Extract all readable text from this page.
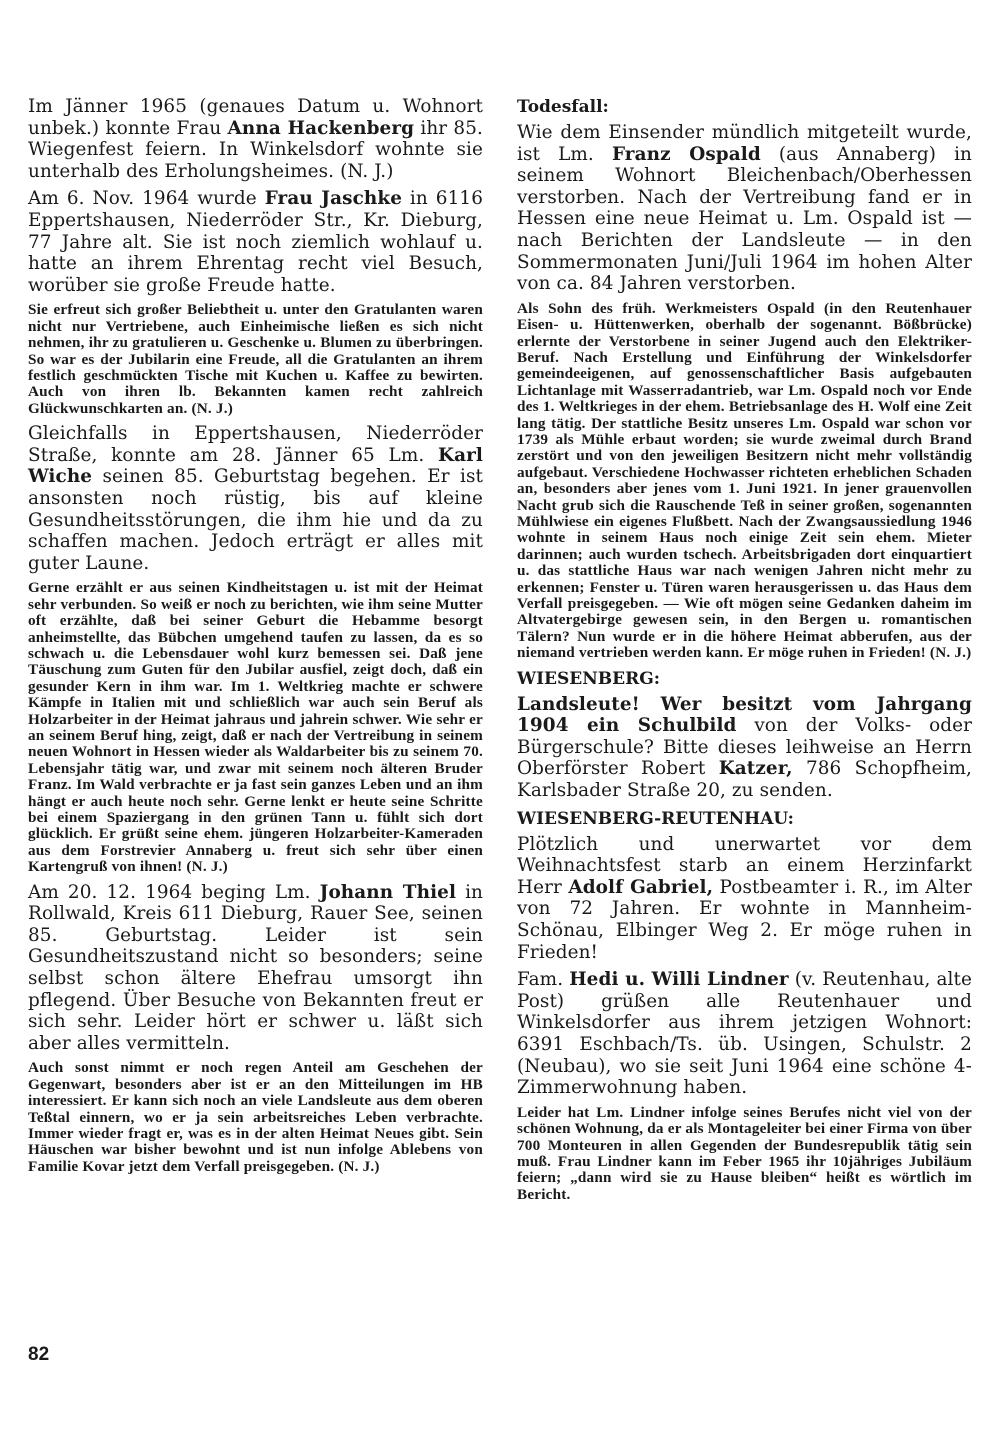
Im Jänner 1965 (genaues Datum u. Wohnort unbek.) konnte Frau Anna Hackenberg ihr 85. Wiegenfest feiern. In Winkelsdorf wohnte sie unterhalb des Erholungsheimes. (N. J.)

Am 6. Nov. 1964 wurde Frau Jaschke in 6116 Eppertshausen, Niederröder Str., Kr. Dieburg, 77 Jahre alt. Sie ist noch ziemlich wohlauf u. hatte an ihrem Ehrentag recht viel Besuch, worüber sie große Freude hatte.

Sie erfreut sich großer Beliebtheit u. unter den Gratulanten waren nicht nur Vertriebene, auch Einheimische ließen es sich nicht nehmen, ihr zu gratulieren u. Geschenke u. Blumen zu überbringen. So war es der Jubilarin eine Freude, all die Gratulanten an ihrem festlich geschmückten Tische mit Kuchen u. Kaffee zu bewirten. Auch von ihren lb. Bekannten kamen recht zahlreich Glückwunschkarten an. (N. J.)

Gleichfalls in Eppertshausen, Niederröder Straße, konnte am 28. Jänner 65 Lm. Karl Wiche seinen 85. Geburtstag begehen. Er ist ansonsten noch rüstig, bis auf kleine Gesundheitsstörungen, die ihm hie und da zu schaffen machen. Jedoch erträgt er alles mit guter Laune.

Gerne erzählt er aus seinen Kindheitstagen u. ist mit der Heimat sehr verbunden. So weiß er noch zu berichten, wie ihm seine Mutter oft erzählte, daß bei seiner Geburt die Hebamme besorgt anheimstellte, das Bübchen umgehend taufen zu lassen, da es so schwach u. die Lebensdauer wohl kurz bemessen sei. Daß jene Täuschung zum Guten für den Jubilar ausfiel, zeigt doch, daß ein gesunder Kern in ihm war. Im 1. Weltkrieg machte er schwere Kämpfe in Italien mit und schließlich war auch sein Beruf als Holzarbeiter in der Heimat jahraus und jahrein schwer. Wie sehr er an seinem Beruf hing, zeigt, daß er nach der Vertreibung in seinem neuen Wohnort in Hessen wieder als Waldarbeiter bis zu seinem 70. Lebensjahr tätig war, und zwar mit seinem noch älteren Bruder Franz. Im Wald verbrachte er ja fast sein ganzes Leben und an ihm hängt er auch heute noch sehr. Gerne lenkt er heute seine Schritte bei einem Spaziergang in den grünen Tann u. fühlt sich dort glücklich. Er grüßt seine ehem. jüngeren Holzarbeiter-Kameraden aus dem Forstrevier Annaberg u. freut sich sehr über einen Kartengruß von ihnen! (N. J.)

Am 20. 12. 1964 beging Lm. Johann Thiel in Rollwald, Kreis 611 Dieburg, Rauer See, seinen 85. Geburtstag. Leider ist sein Gesundheitszustand nicht so besonders; seine selbst schon ältere Ehefrau umsorgt ihn pflegend. Über Besuche von Bekannten freut er sich sehr. Leider hört er schwer u. läßt sich aber alles vermitteln.

Auch sonst nimmt er noch regen Anteil am Geschehen der Gegenwart, besonders aber ist er an den Mitteilungen im HB interessiert. Er kann sich noch an viele Landsleute aus dem oberen Teßtal einnern, wo er ja sein arbeitsreiches Leben verbrachte. Immer wieder fragt er, was es in der alten Heimat Neues gibt. Sein Häuschen war bisher bewohnt und ist nun infolge Ablebens von Familie Kovar jetzt dem Verfall preisgegeben. (N. J.)

Todesfall:

Wie dem Einsender mündlich mitgeteilt wurde, ist Lm. Franz Ospald (aus Annaberg) in seinem Wohnort Bleichenbach/Oberhessen verstorben. Nach der Vertreibung fand er in Hessen eine neue Heimat u. Lm. Ospald ist — nach Berichten der Landsleute — in den Sommermonaten Juni/Juli 1964 im hohen Alter von ca. 84 Jahren verstorben.

Als Sohn des früh. Werkmeisters Ospald (in den Reutenhauer Eisen- u. Hüttenwerken, oberhalb der sogenannt. Bößbrücke) erlernte der Verstorbene in seiner Jugend auch den Elektriker-Beruf. Nach Erstellung und Einführung der Winkelsdorfer gemeindeeigenen, auf genossenschaftlicher Basis aufgebauten Lichtanlage mit Wasserradantrieb, war Lm. Ospald noch vor Ende des 1. Weltkrieges in der ehem. Betriebsanlage des H. Wolf eine Zeit lang tätig. Der stattliche Besitz unseres Lm. Ospald war schon vor 1739 als Mühle erbaut worden; sie wurde zweimal durch Brand zerstört und von den jeweiligen Besitzern nicht mehr vollständig aufgebaut. Verschiedene Hochwasser richteten erheblichen Schaden an, besonders aber jenes vom 1. Juni 1921. In jener grauenvollen Nacht grub sich die Rauschende Teß in seiner großen, sogenannten Mühlwiese ein eigenes Flußbett. Nach der Zwangsaussiedlung 1946 wohnte in seinem Haus noch einige Zeit sein ehem. Mieter darinnen; auch wurden tschech. Arbeitsbrigaden dort einquartiert u. das stattliche Haus war nach wenigen Jahren nicht mehr zu erkennen; Fenster u. Türen waren herausgerissen u. das Haus dem Verfall preisgegeben. — Wie oft mögen seine Gedanken daheim im Altvatergebirge gewesen sein, in den Bergen u. romantischen Tälern? Nun wurde er in die höhere Heimat abberufen, aus der niemand vertrieben werden kann. Er möge ruhen in Frieden! (N. J.)

WIESENBERG:

Landsleute! Wer besitzt vom Jahrgang 1904 ein Schulbild von der Volks- oder Bürgerschule? Bitte dieses leihweise an Herrn Oberförster Robert Katzer, 786 Schopfheim, Karlsbader Straße 20, zu senden.

WIESENBERG-REUTENHAU:

Plötzlich und unerwartet vor dem Weihnachtsfest starb an einem Herzinfarkt Herr Adolf Gabriel, Postbeamter i. R., im Alter von 72 Jahren. Er wohnte in Mannheim-Schönau, Elbinger Weg 2. Er möge ruhen in Frieden!

Fam. Hedi u. Willi Lindner (v. Reutenhau, alte Post) grüßen alle Reutenhauer und Winkelsdorfer aus ihrem jetzigen Wohnort: 6391 Eschbach/Ts. üb. Usingen, Schulstr. 2 (Neubau), wo sie seit Juni 1964 eine schöne 4-Zimmerwohnung haben.

Leider hat Lm. Lindner infolge seines Berufes nicht viel von der schönen Wohnung, da er als Montageleiter bei einer Firma von über 700 Monteuren in allen Gegenden der Bundesrepublik tätig sein muß. Frau Lindner kann im Feber 1965 ihr 10jähriges Jubiläum feiern; „dann wird sie zu Hause bleiben“ heißt es wörtlich im Bericht.

82
